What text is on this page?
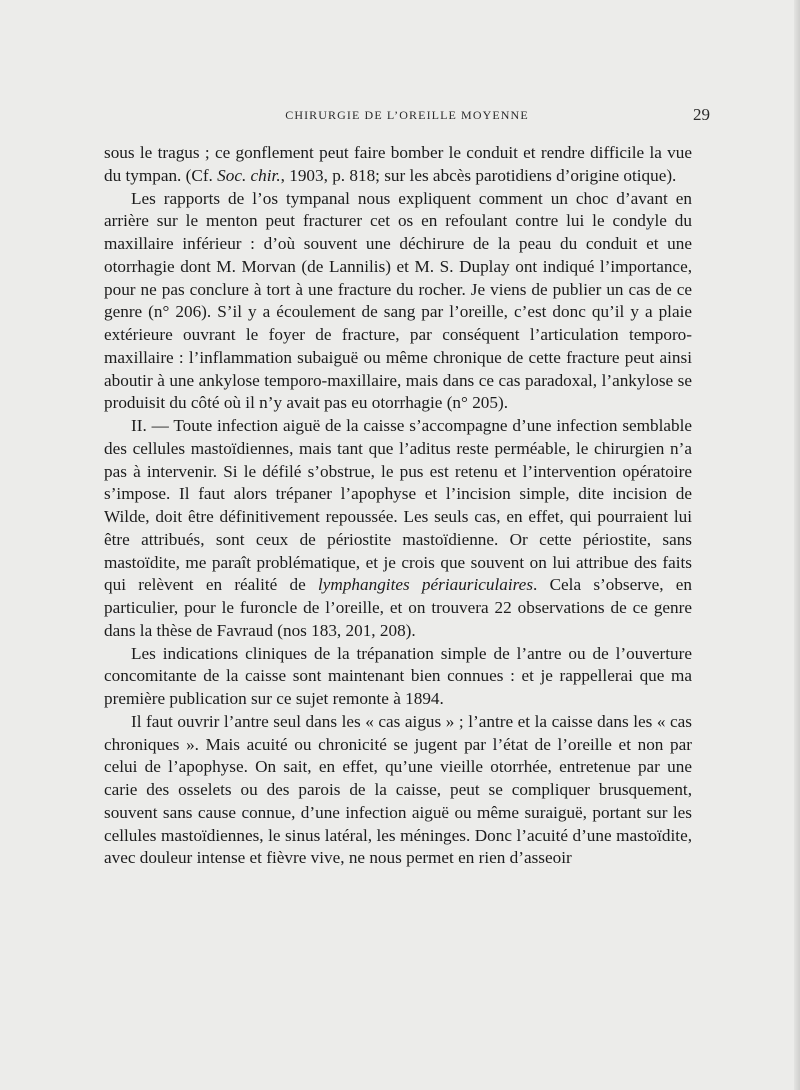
CHIRURGIE DE L’OREILLE MOYENNE	29

sous le tragus ; ce gonflement peut faire bomber le conduit et rendre difficile la vue du tympan. (Cf. Soc. chir., 1903, p. 818; sur les abcès parotidiens d’origine otique).

Les rapports de l’os tympanal nous expliquent comment un choc d’avant en arrière sur le menton peut fracturer cet os en refoulant contre lui le condyle du maxillaire inférieur : d’où souvent une déchirure de la peau du conduit et une otorrhagie dont M. Morvan (de Lannilis) et M. S. Duplay ont indiqué l’importance, pour ne pas conclure à tort à une fracture du rocher. Je viens de publier un cas de ce genre (n° 206). S’il y a écoulement de sang par l’oreille, c’est donc qu’il y a plaie extérieure ouvrant le foyer de fracture, par conséquent l’articulation temporo-maxillaire : l’inflammation subaiguë ou même chronique de cette fracture peut ainsi aboutir à une ankylose temporo-maxillaire, mais dans ce cas paradoxal, l’ankylose se produisit du côté où il n’y avait pas eu otorrhagie (n° 205).

II. — Toute infection aiguë de la caisse s’accompagne d’une infection semblable des cellules mastoïdiennes, mais tant que l’aditus reste perméable, le chirurgien n’a pas à intervenir. Si le défilé s’obstrue, le pus est retenu et l’intervention opératoire s’impose. Il faut alors trépaner l’apophyse et l’incision simple, dite incision de Wilde, doit être définitivement repoussée. Les seuls cas, en effet, qui pourraient lui être attribués, sont ceux de périostite mastoïdienne. Or cette périostite, sans mastoïdite, me paraît problématique, et je crois que souvent on lui attribue des faits qui relèvent en réalité de lymphangites périauriculaires. Cela s’observe, en particulier, pour le furoncle de l’oreille, et on trouvera 22 observations de ce genre dans la thèse de Favraud (nos 183, 201, 208).

Les indications cliniques de la trépanation simple de l’antre ou de l’ouverture concomitante de la caisse sont maintenant bien connues : et je rappellerai que ma première publication sur ce sujet remonte à 1894.

Il faut ouvrir l’antre seul dans les « cas aigus » ; l’antre et la caisse dans les « cas chroniques ». Mais acuité ou chronicité se jugent par l’état de l’oreille et non par celui de l’apophyse. On sait, en effet, qu’une vieille otorrhée, entretenue par une carie des osselets ou des parois de la caisse, peut se compliquer brusquement, souvent sans cause connue, d’une infection aiguë ou même suraiguë, portant sur les cellules mastoïdiennes, le sinus latéral, les méninges. Donc l’acuité d’une mastoïdite, avec douleur intense et fièvre vive, ne nous permet en rien d’asseoir
